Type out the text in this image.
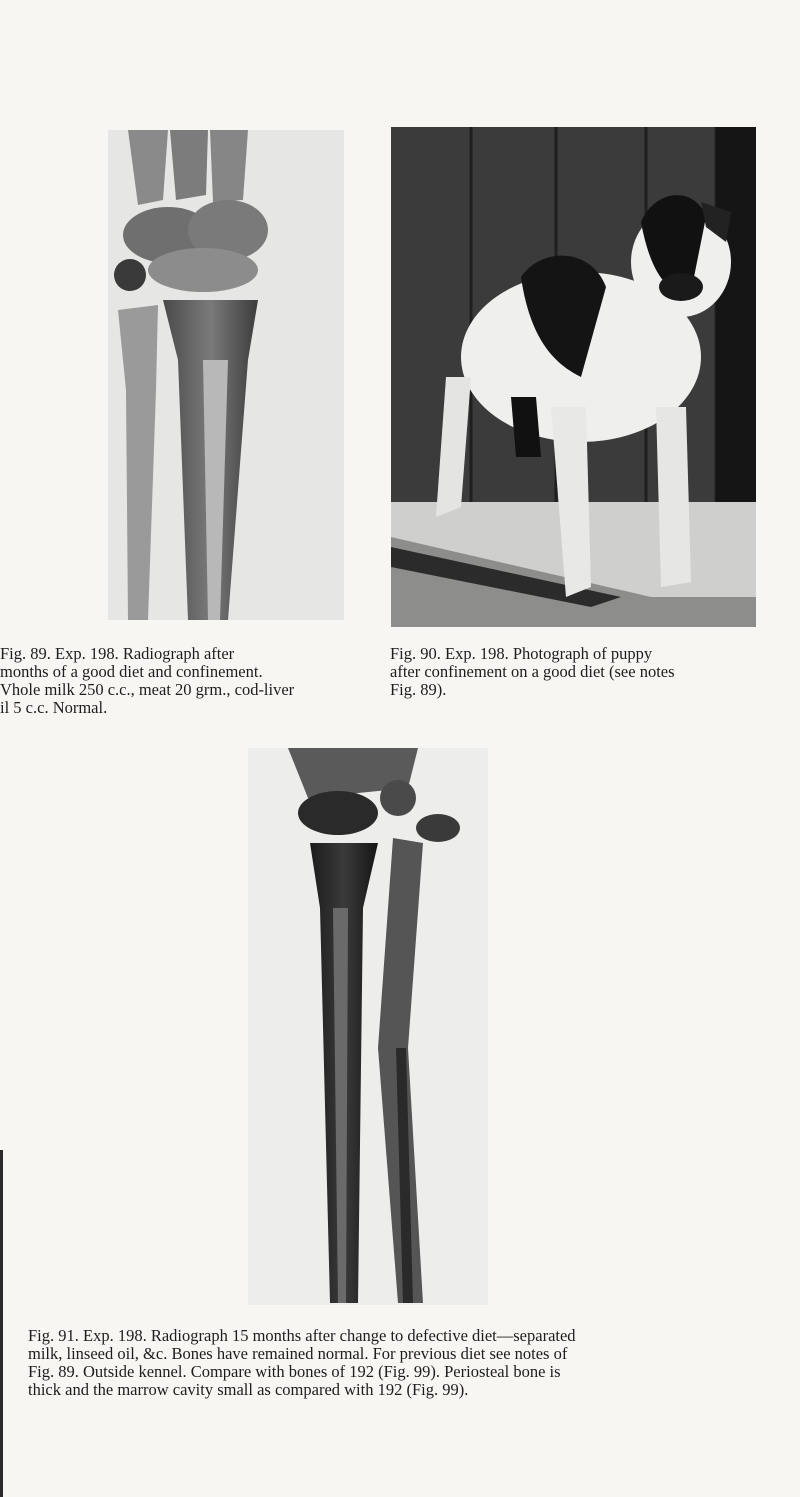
Fig. 89. Exp. 198. Radiograph after
months of a good diet and confinement.
Vhole milk 250 c.c., meat 20 grm., cod-liver
il 5 c.c. Normal.

Fig. 90. Exp. 198. Photograph of puppy
after confinement on a good diet (see notes
Fig. 89).

Fig. 91. Exp. 198. Radiograph 15 months after change to defective diet—separated
milk, linseed oil, &c. Bones have remained normal. For previous diet see notes of
Fig. 89. Outside kennel. Compare with bones of 192 (Fig. 99). Periosteal bone is
thick and the marrow cavity small as compared with 192 (Fig. 99).
